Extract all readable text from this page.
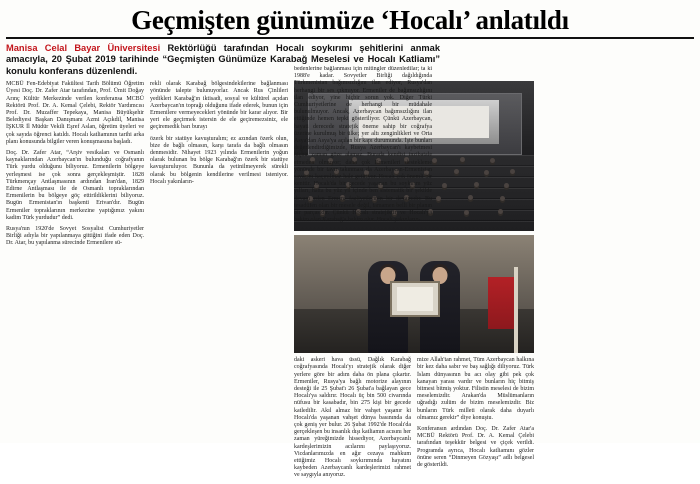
Geçmişten günümüze ‘Hocalı’ anlatıldı
Manisa Celal Bayar Üniversitesi Rektörlüğü tarafından Hocalı soykırımı şehitlerini anmak amacıyla, 20 Şubat 2019 tarihinde “Geçmişten Günümüze Karabağ Meselesi ve Hocalı Katliamı” konulu konferans düzenlendi.

MCBÜ Fen-Edebiyat Fakültesi Tarih Bölümü Öğretim Üyesi Doç. Dr. Zafer Atar tarafından, Prof. Ümit Doğay Arınç Kültür Merkezinde verilen konferansa MCBÜ Rektörü Prof. Dr. A. Kemal Çelebi, Rektör Yardımcısı Prof. Dr. Muzaffer Tepekaya, Manisa Büyükşehir Belediyesi Başkan Danışmanı Azmi Açıkdil, Manisa İŞKUR İl Müdür Vekili Eşref Aslan, öğretim üyeleri ve çok sayıda öğrenci katıldı. Hocalı katliamının tarihi arka planı konusunda bilgiler veren konuşmasına başladı.

Doç. Dr. Zafer Atar, “Arşiv vesikaları ve Osmanlı kaynaklarından Azerbaycan'ın bulunduğu coğrafyanın Türk yurdu olduğunu biliyoruz. Ermenilerin bölgeye yerleşmesi ise çok sonra gerçekleşmiştir. 1828 Türkmençay Antlaşmasının ardından İran'dan, 1829 Edirne Antlaşması ile de Osmanlı topraklarından Ermenilerin bu bölgeye göç ettirildiklerini biliyoruz. Bugün Ermenistan'ın başkenti Erivan'dır. Bugün Ermeniler topraklarının merkezine yaptığımız yakını kadim Türk yurdudur” dedi.

Rusya'nın 1920'de Sovyet Sosyalist Cumhuriyetler Birliği adıyla bir yapılanmaya gittiğini ifade eden Doç. Dr. Atar, bu yapılanma sürecinde Ermenilere sü-

rekli olarak Karabağ bölgesindekilerine bağlanması yönünde talepte bulunuyorlar. Ancak Rus Çinlileri yedikleri Karabağ'ın iktisadi, sosyal ve kültürel açıdan Azerbaycan'ın toprağı olduğunu ifade ederek, bunun için Ermenilere vermeyecekleri yönünde bir karar alıyor. Bir yeri ele geçirmek istersin de ele geçiremezsiniz, ele geçiremedik barı burayı

özerk bir statüye kavuşturalım; ez azından özerk olun, bize de bağlı olmasın, karşı tarafa da bağlı olmasın denmesidir. Nihayet 1923 yılında Ermenilerin yoğun olarak bulunan bu bölge Karabağ'ın özerk bir statüye kavuşturuluyor. Bununla da yetinilmeyerek sürekli olarak bu bölgenin kendilerine verilmesi isteniyor. Hocalı yakınların-

daki askeri hava üssü, Dağlık Karabağ coğrafyasında Hocalı'yı stratejik olarak diğer yerlere göre bir adım daha ön plana çıkartır. Ermeniler, Rusya'ya bağlı motorize alayının desteği ile 25 Şubat'ı 26 Şubat'a bağlayan gece Hocalı'ya saldırır. Hocalı üç bin 500 civarında nüfusu bir kasabadır, bin 275 kişi bir gecede katledilir. Akıl almaz bir vahşet yaşanır ki Hocalı'da yaşanan vahşet dünya basınında da çok geniş yer bulur. 26 Şubat 1992'de Hocalı'da gerçekleşen bu insanlık dışı katliamın acısını her zaman yüreğimizde hissediyor, Azerbaycanlı kardeşlerimizin acılarını paylaşıyoruz. Vicdanlarımızda en ağır cezaya mahkum ettiğimiz Hocalı soykırımında hayatını kaybeden Azerbaycanlı kardeşlerimizi rahmet ve saygıyla anıyoruz.

mize Allah'tan rahmet, Tüm Azerbaycan halkına bir kez daha sabır ve baş sağlığı diliyoruz. Türk İslam dünyasının bu acı olay gibi pek çok kanayan yarası vardır ve bunların hiç bitmiş bitmesi bitmiş yoktur. Filistin meselesi de bizim meselemizdir. Arakan'da Müslümanların uğradığı zulüm de bizim meselemizdir. Biz bunların Türk milleti olarak daha duyarlı olmamız gerekir” diye konuştu.

Konferansın ardından Doç. Dr. Zafer Atar'a MCBÜ Rektörü Prof. Dr. A. Kemal Çelebi tarafından teşekkür belgesi ve çiçek verildi. Programda ayrıca, Hocalı katliamını gözler önüne seren “Dinmeyen Gözyaşı” adlı belgesel de gösterildi.

bedenlerine bağlanması için mitingler düzenledilar; ta ki 1988'e kadar. Sovyetler Birliği dağıldığında Türkmenistan bağımsızlığını ilan ediyor, Rusya'dan herhangi bir ses çıkmıyor. Ermeniler de bağımsızlığını ilan ediyor, yine hiçbir sorun yok. Diğer Türki Cumhuriyetlerine de herhangi bir müdahale bulunulmuyor. Ancak, Azerbaycan bağımsızlığını ilan ettiğinde hemen tepki gösteriliyor. Çünkü Azerbaycan, hayati derecede stratejik öneme sahip bir coğrafya üzerine kurulmuş bir ülke; yer altı zenginlikleri ve Orta Asya'dan Asya'ya açılan bir kapı durumunda. İşte bunları değerlendirdiğimizde, Rusya Azerbaycan'ı kaybetmesi hiçbir zaman göze alamaz. Burada kendisi inzibatale etmeden olmuyor; daha çok Ermenileri destekleme yönünde bir tavır takınması da Azerbaycan-Ermenistan savaşını kaçınılmaz hale getiriyor. Hocalı çok önemli bir kenttir. Hocalı'da bir gecede yaşanan bu soykırım yüz yılları, hatta bu yüz yıl içinde ben sistematik bir şekilde devam eden Ermeni faaliyetlerinin bir devamıdır. Bu tesadüfen olan bir mesele değil, tamamen belli bir planın bir parçasıdır. Çünkü Hocalı stratejiktir ve Hocalı'ya hakim olan Karabağ'a hakim olur. Hocalı yakınların-
